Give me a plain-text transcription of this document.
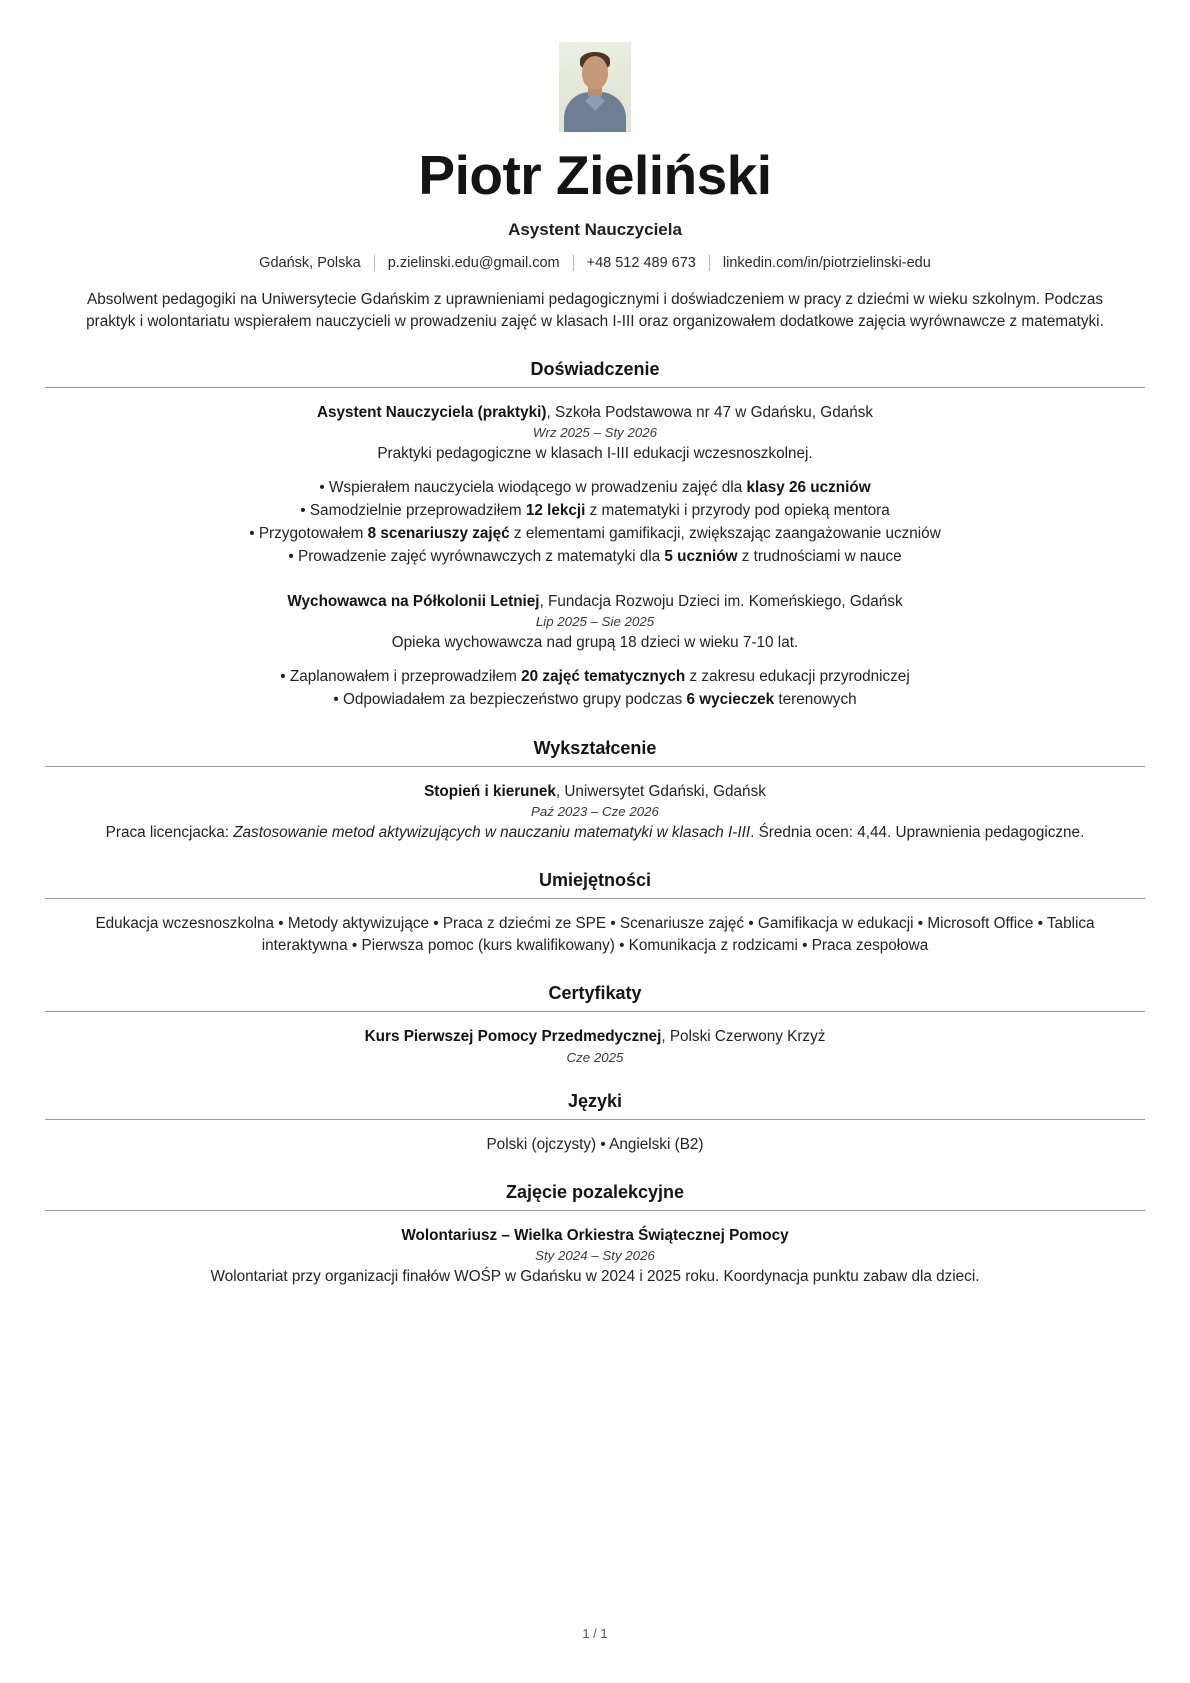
Piotr Zieliński
Asystent Nauczyciela
Gdańsk, Polska p.zielinski.edu@gmail.com +48 512 489 673 linkedin.com/in/piotrzielinski-edu

Absolwent pedagogiki na Uniwersytecie Gdańskim z uprawnieniami pedagogicznymi i doświadczeniem w pracy z dziećmi w wieku szkolnym. Podczas praktyk i wolontariatu wspierałem nauczycieli w prowadzeniu zajęć w klasach I-III oraz organizowałem dodatkowe zajęcia wyrównawcze z matematyki.

Doświadczenie
Asystent Nauczyciela (praktyki), Szkoła Podstawowa nr 47 w Gdańsku, Gdańsk
Wrz 2025 – Sty 2026
Praktyki pedagogiczne w klasach I-III edukacji wczesnoszkolnej.
• Wspierałem nauczyciela wiodącego w prowadzeniu zajęć dla klasy 26 uczniów
• Samodzielnie przeprowadziłem 12 lekcji z matematyki i przyrody pod opieką mentora
• Przygotowałem 8 scenariuszy zajęć z elementami gamifikacji, zwiększając zaangażowanie uczniów
• Prowadzenie zajęć wyrównawczych z matematyki dla 5 uczniów z trudnościami w nauce
Wychowawca na Półkolonii Letniej, Fundacja Rozwoju Dzieci im. Komeńskiego, Gdańsk
Lip 2025 – Sie 2025
Opieka wychowawcza nad grupą 18 dzieci w wieku 7-10 lat.
• Zaplanowałem i przeprowadziłem 20 zajęć tematycznych z zakresu edukacji przyrodniczej
• Odpowiadałem za bezpieczeństwo grupy podczas 6 wycieczek terenowych
Wykształcenie
Stopień i kierunek, Uniwersytet Gdański, Gdańsk
Paź 2023 – Cze 2026
Praca licencjacka: Zastosowanie metod aktywizujących w nauczaniu matematyki w klasach I-III. Średnia ocen: 4,44. Uprawnienia pedagogiczne.
Umiejętności
Edukacja wczesnoszkolna • Metody aktywizujące • Praca z dziećmi ze SPE • Scenariusze zajęć • Gamifikacja w edukacji • Microsoft Office • Tablica interaktywna • Pierwsza pomoc (kurs kwalifikowany) • Komunikacja z rodzicami • Praca zespołowa
Certyfikaty
Kurs Pierwszej Pomocy Przedmedycznej, Polski Czerwony Krzyż
Cze 2025
Języki
Polski (ojczysty) • Angielski (B2)
Zajęcie pozalekcyjne
Wolontariusz – Wielka Orkiestra Świątecznej Pomocy
Sty 2024 – Sty 2026
Wolontariat przy organizacji finałów WOŚP w Gdańsku w 2024 i 2025 roku. Koordynacja punktu zabaw dla dzieci.
1 / 1
